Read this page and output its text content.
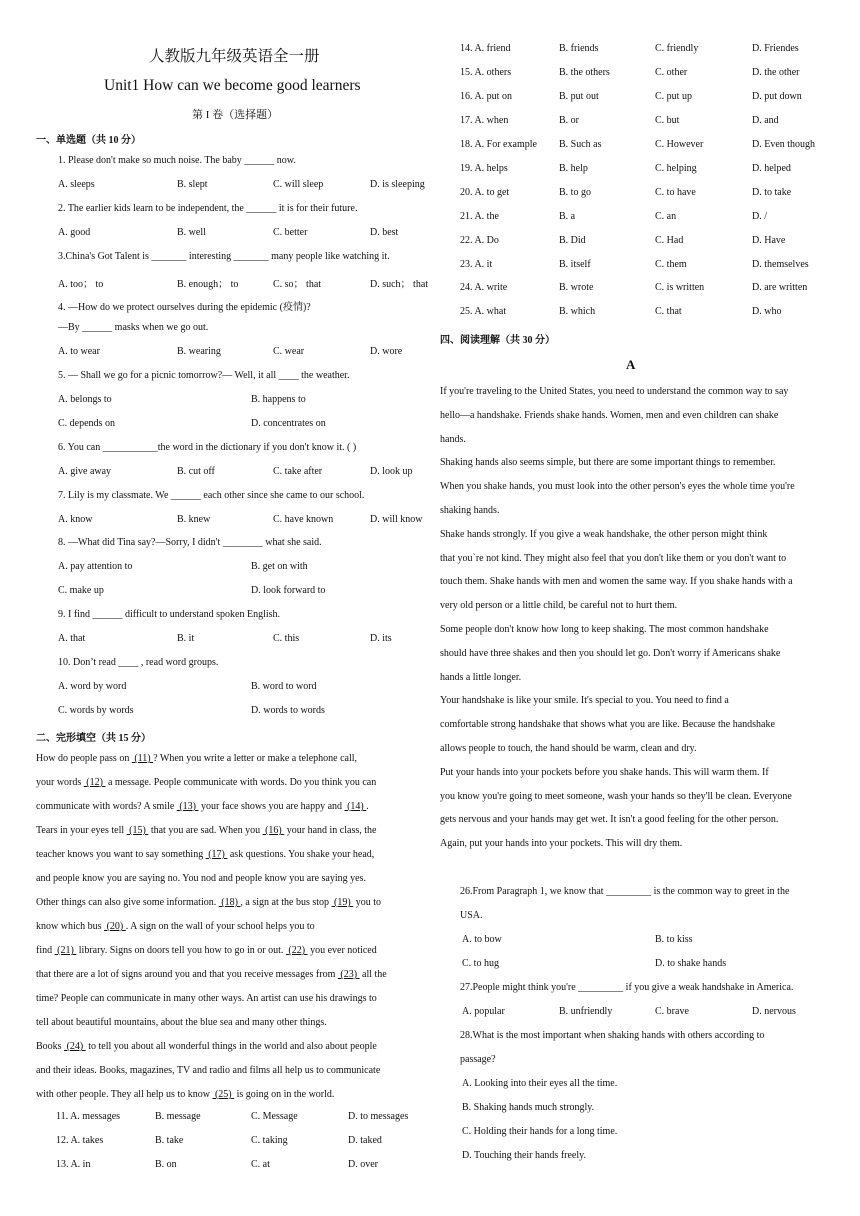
人教版九年级英语全一册
Unit1 How can we become good learners
第 I 卷（选择题）
一、单选题（共 10 分）
1. Please don't make so much noise. The baby ______ now.
A. sleeps	B. slept	C. will sleep	D. is sleeping
2. The earlier kids learn to be independent, the ______ it is for their future.
A. good	B. well	C. better	D. best
3.China's Got Talent is _______ interesting _______ many people like watching it.
A. too； to	B. enough； to	C. so； that	D. such； that
4. —How do we protect ourselves during the epidemic (疫情)?
—By ______ masks when we go out.
A. to wear	B. wearing	C. wear	D. wore
5. — Shall we go for a picnic tomorrow?— Well, it all ____ the weather.
A. belongs to	B. happens to
C. depends on	D. concentrates on
6. You can ___________the word in the dictionary if you don't know it. ( )
A. give away	B. cut off	C. take after	D. look up
7. Lily is my classmate. We ______ each other since she came to our school.
A. know	B. knew	C. have known	D. will know
8. —What did Tina say?—Sorry, I didn't ________ what she said.
A. pay attention to	B. get on with
C. make up	D. look forward to
9. I find ______ difficult to understand spoken English.
A. that	B. it	C. this	D. its
10. Don’t read ____ , read word groups.
A. word by word	B. word to word
C. words by words	D. words to words
二、完形填空（共 15 分）
How do people pass on  (11) ? When you write a letter or make a telephone call,
your words  (12)  a message. People communicate with words. Do you think you can
communicate with words? A smile  (13)  your face shows you are happy and  (14) .
Tears in your eyes tell  (15)  that you are sad. When you  (16)  your hand in class, the
teacher knows you want to say something  (17)  ask questions. You shake your head,
and people know you are saying no. You nod and people know you are saying yes.
Other things can also give some information.  (18) , a sign at the bus stop  (19)  you to
know which bus  (20) . A sign on the wall of your school helps you to
find  (21)  library. Signs on doors tell you how to go in or out.  (22)  you ever noticed
that there are a lot of signs around you and that you receive messages from  (23)  all the
time? People can communicate in many other ways. An artist can use his drawings to
tell about beautiful mountains, about the blue sea and many other things.
Books  (24)  to tell you about all wonderful things in the world and also about people
and their ideas. Books, magazines, TV and radio and films all help us to communicate
with other people. They all help us to know  (25)  is going on in the world.
11. A. messages	B. message	C. Message	D. to messages
12. A. takes	B. take	C. taking	D. taked
13. A. in	B. on	C. at	D. over
14. A. friend	B. friends	C. friendly	D. Friendes
15. A. others	B. the others	C. other	D. the other
16. A. put on	B. put out	C. put up	D. put down
17. A. when	B. or	C. but	D. and
18. A. For example B. Such as	C. However	D. Even though
19. A. helps	B. help	C. helping	D. helped
20. A. to get	B. to go	C. to have	D. to take
21. A. the	B. a	C. an	D. /
22. A. Do	B. Did	C. Had	D. Have
23. A. it	B. itself	C. them	D. themselves
24. A. write	B. wrote	C. is written	D. are written
25. A. what	B. which	C. that	D. who
四、阅读理解（共 30 分）
A
If you're traveling to the United States, you need to understand the common way to say
hello—a handshake. Friends shake hands. Women, men and even children can shake
hands.
Shaking hands also seems simple, but there are some important things to remember.
When you shake hands, you must look into the other person's eyes the whole time you're
shaking hands.
Shake hands strongly. If you give a weak handshake, the other person might think
that you`re not kind. They might also feel that you don't like them or you don't want to
touch them. Shake hands with men and women the same way. If you shake hands with a
very old person or a little child, be careful not to hurt them.
Some people don't know how long to keep shaking. The most common handshake
should have three shakes and then you should let go. Don't worry if Americans shake
hands a little longer.
Your handshake is like your smile. It's special to you. You need to find a
comfortable strong handshake that shows what you are like. Because the handshake
allows people to touch, the hand should be warm, clean and dry.
Put your hands into your pockets before you shake hands. This will warm them. If
you know you're going to meet someone, wash your hands so they'll be clean. Everyone
gets nervous and your hands may get wet. It isn't a good feeling for the other person.
Again, put your hands into your pockets. This will dry them.
26.From Paragraph 1, we know that _________ is the common way to greet in the
USA.
A. to bow	B. to kiss
C. to hug	D. to shake hands
27.People might think you're _________ if you give a weak handshake in America.
A. popular	B. unfriendly	C. brave	D. nervous
28.What is the most important when shaking hands with others according to
passage?
A. Looking into their eyes all the time.
B. Shaking hands much strongly.
C. Holding their hands for a long time.
D. Touching their hands freely.
